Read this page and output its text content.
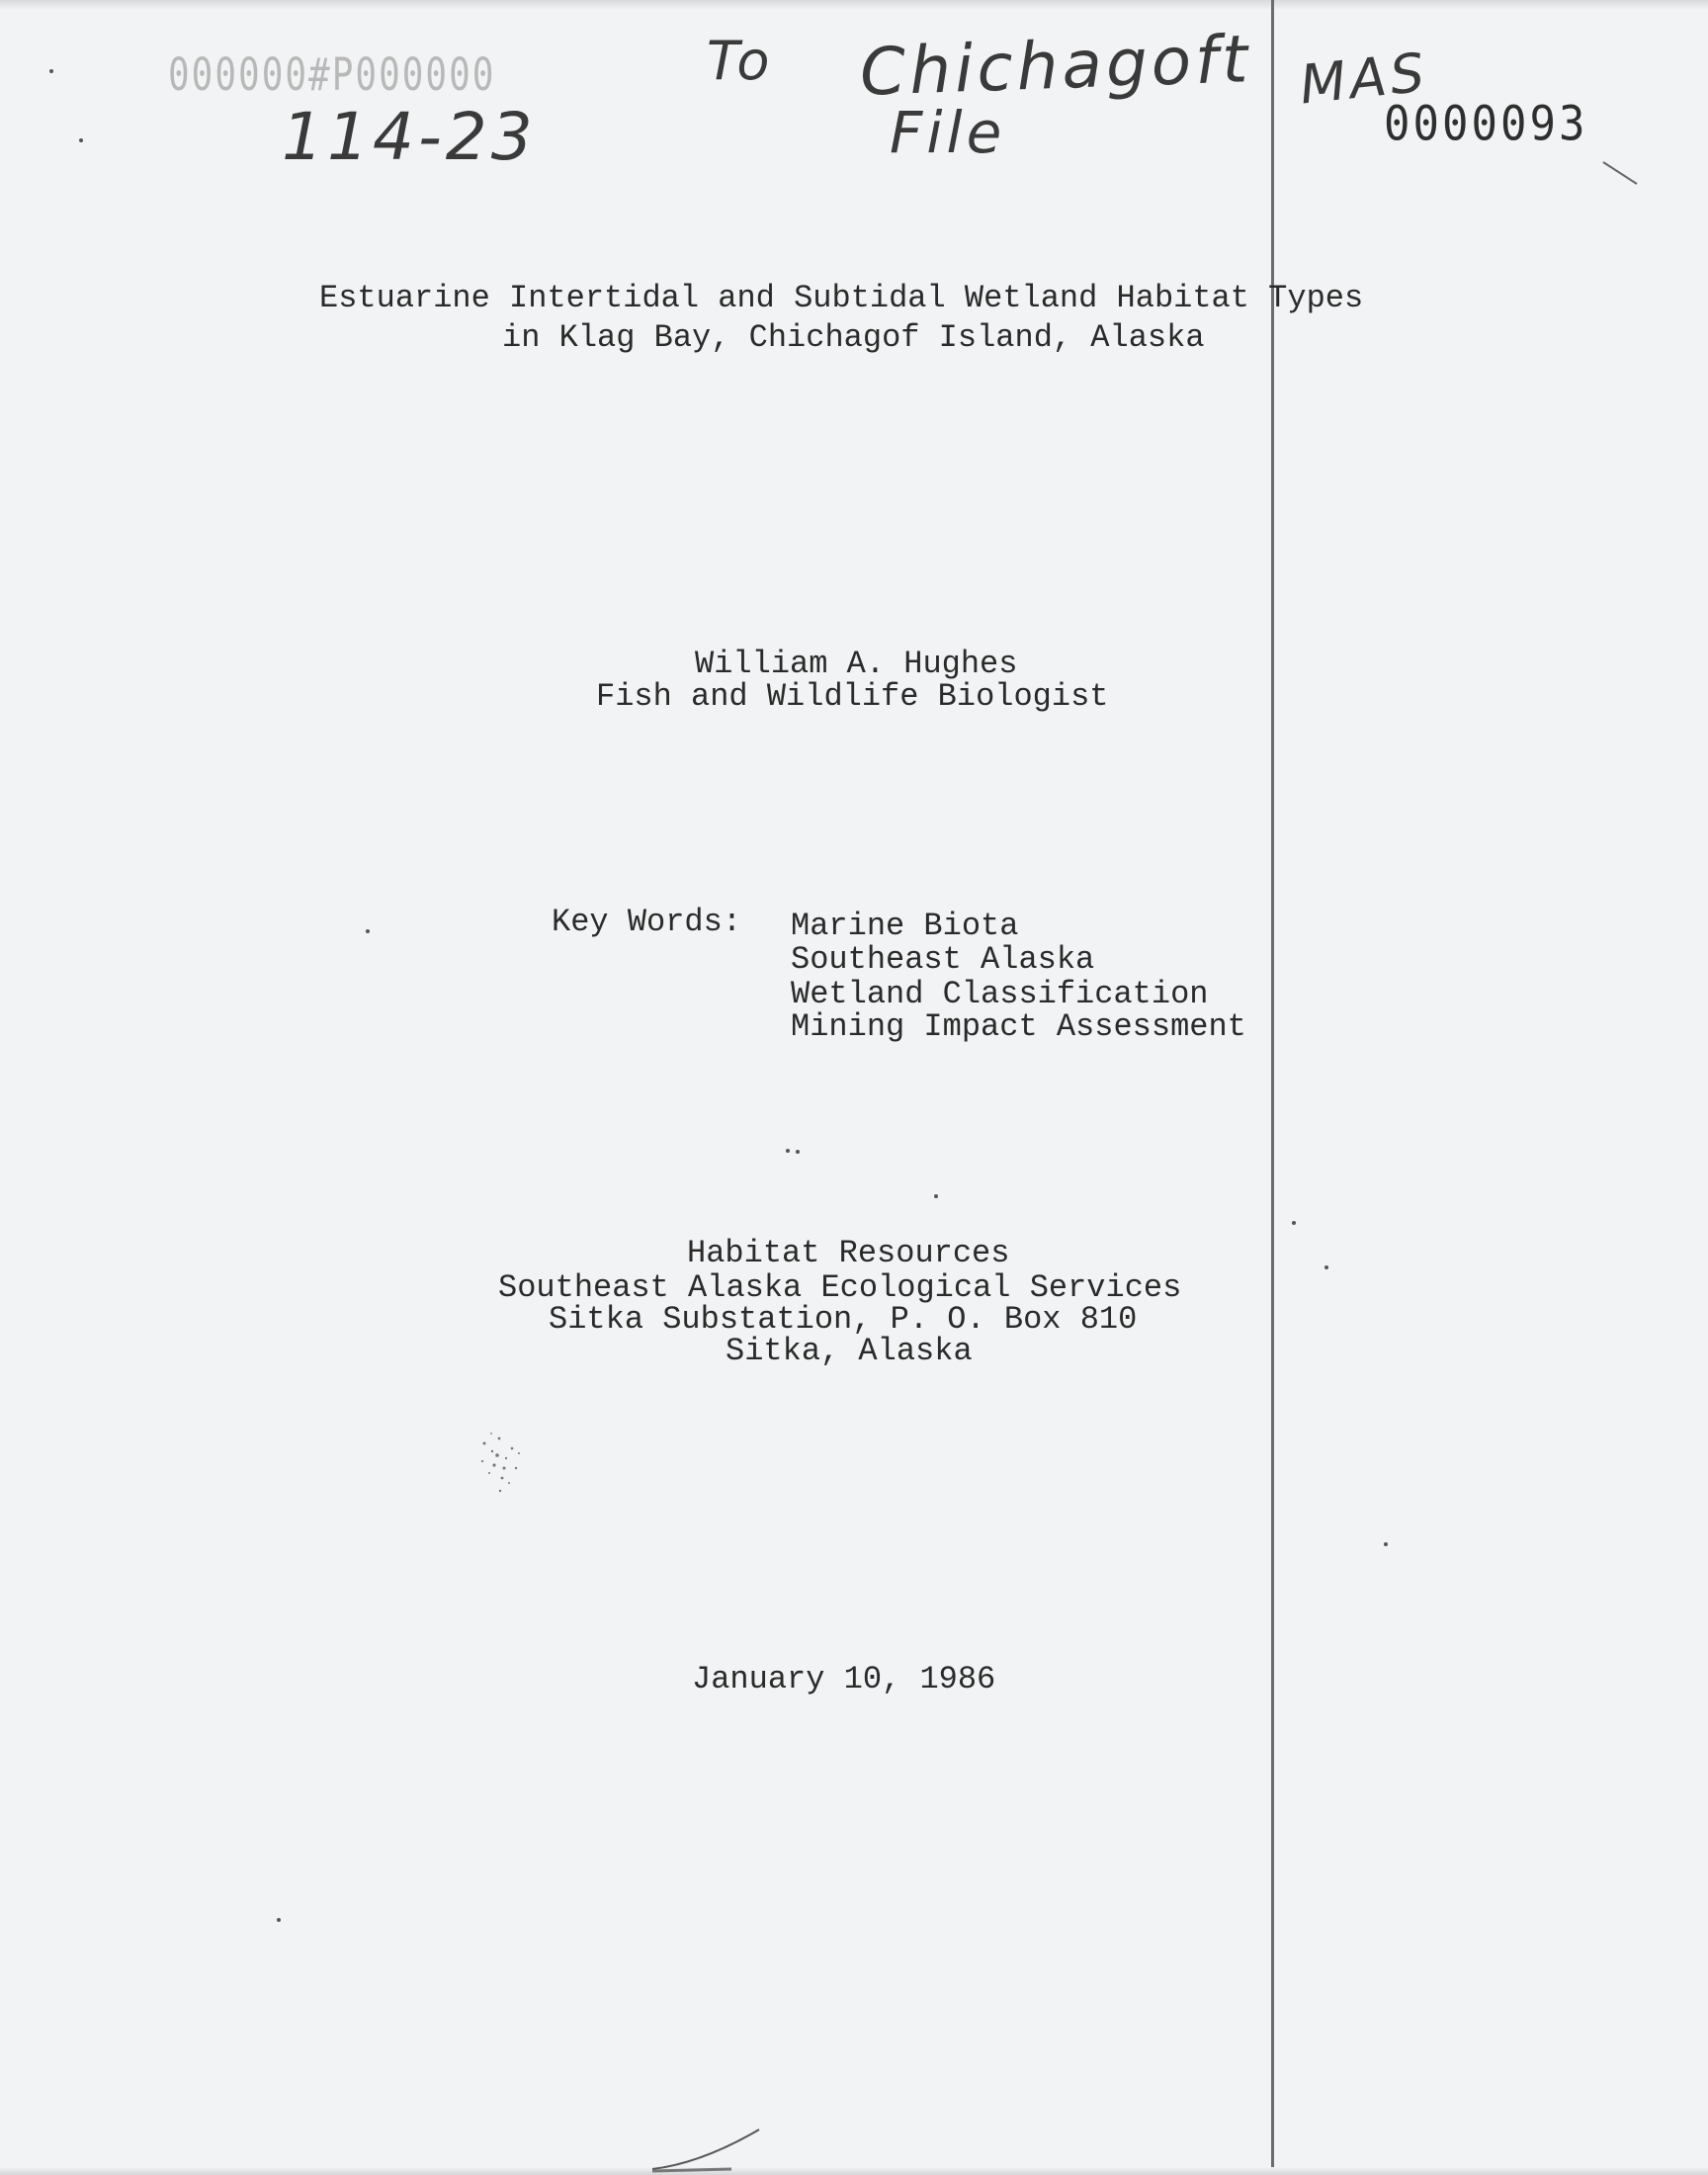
000000#P000000
114-23
To Chichagoft
File
MAS
0000093
Estuarine Intertidal and Subtidal Wetland Habitat Types
in Klag Bay, Chichagof Island, Alaska
William A. Hughes
Fish and Wildlife Biologist
Key Words: Marine Biota
Southeast Alaska
Wetland Classification
Mining Impact Assessment
Habitat Resources
Southeast Alaska Ecological Services
Sitka Substation, P. O. Box 810
Sitka, Alaska
January 10, 1986
